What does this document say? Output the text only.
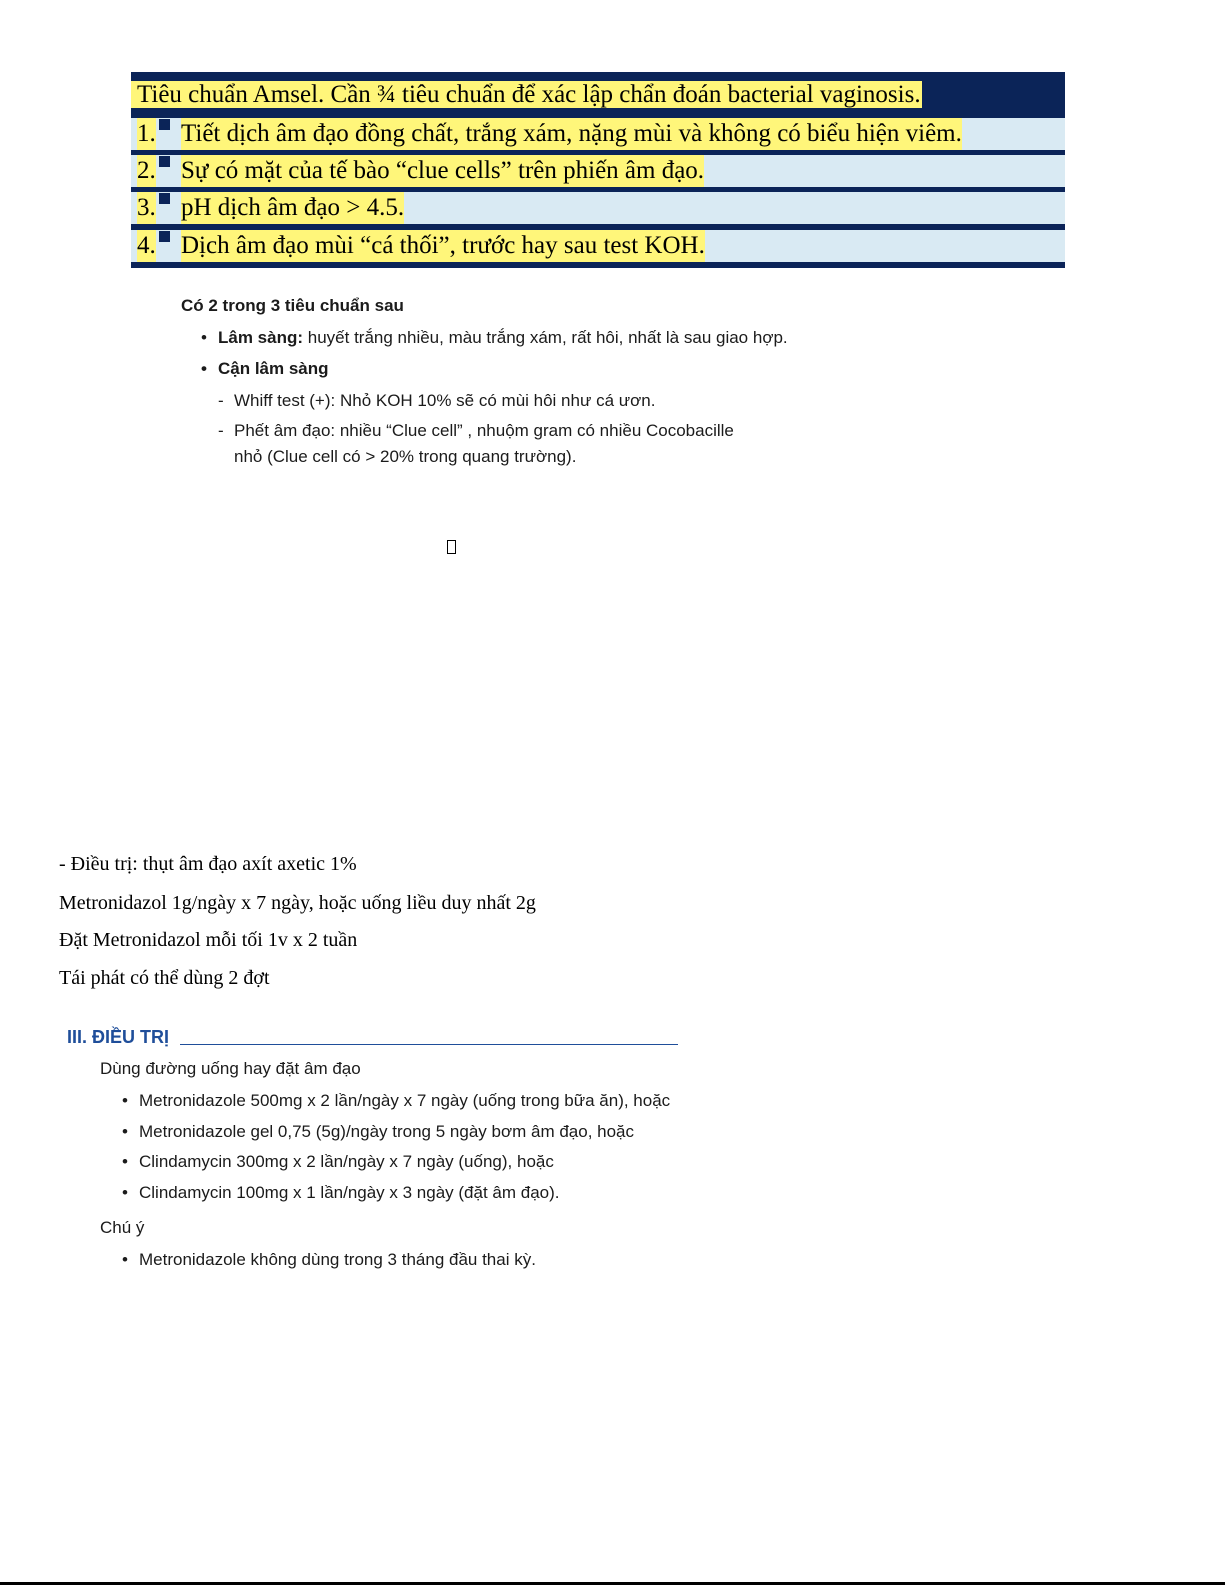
Tiêu chuẩn Amsel. Cần ¾ tiêu chuẩn để xác lập chẩn đoán bacterial vaginosis.
1. Tiết dịch âm đạo đồng chất, trắng xám, nặng mùi và không có biểu hiện viêm.
2. Sự có mặt của tế bào “clue cells” trên phiến âm đạo.
3. pH dịch âm đạo > 4.5.
4. Dịch âm đạo mùi “cá thối”, trước hay sau test KOH.
Có 2 trong 3 tiêu chuẩn sau
• Lâm sàng: huyết trắng nhiều, màu trắng xám, rất hôi, nhất là sau giao hợp.
• Cận lâm sàng
- Whiff test (+): Nhỏ KOH 10% sẽ có mùi hôi như cá ươn.
- Phết âm đạo: nhiều “Clue cell” , nhuộm gram có nhiều Cocobacille
nhỏ (Clue cell có > 20% trong quang trường).
- Điều trị: thụt âm đạo axít axetic 1%
Metronidazol 1g/ngày x 7 ngày, hoặc uống liều duy nhất 2g
Đặt Metronidazol mỗi tối 1v x 2 tuần
Tái phát có thể dùng 2 đợt
III. ĐIỀU TRỊ
Dùng đường uống hay đặt âm đạo
• Metronidazole 500mg x 2 lần/ngày x 7 ngày (uống trong bữa ăn), hoặc
• Metronidazole gel 0,75 (5g)/ngày trong 5 ngày bơm âm đạo, hoặc
• Clindamycin 300mg x 2 lần/ngày x 7 ngày (uống), hoặc
• Clindamycin 100mg x 1 lần/ngày x 3 ngày (đặt âm đạo).
Chú ý
• Metronidazole không dùng trong 3 tháng đầu thai kỳ.
